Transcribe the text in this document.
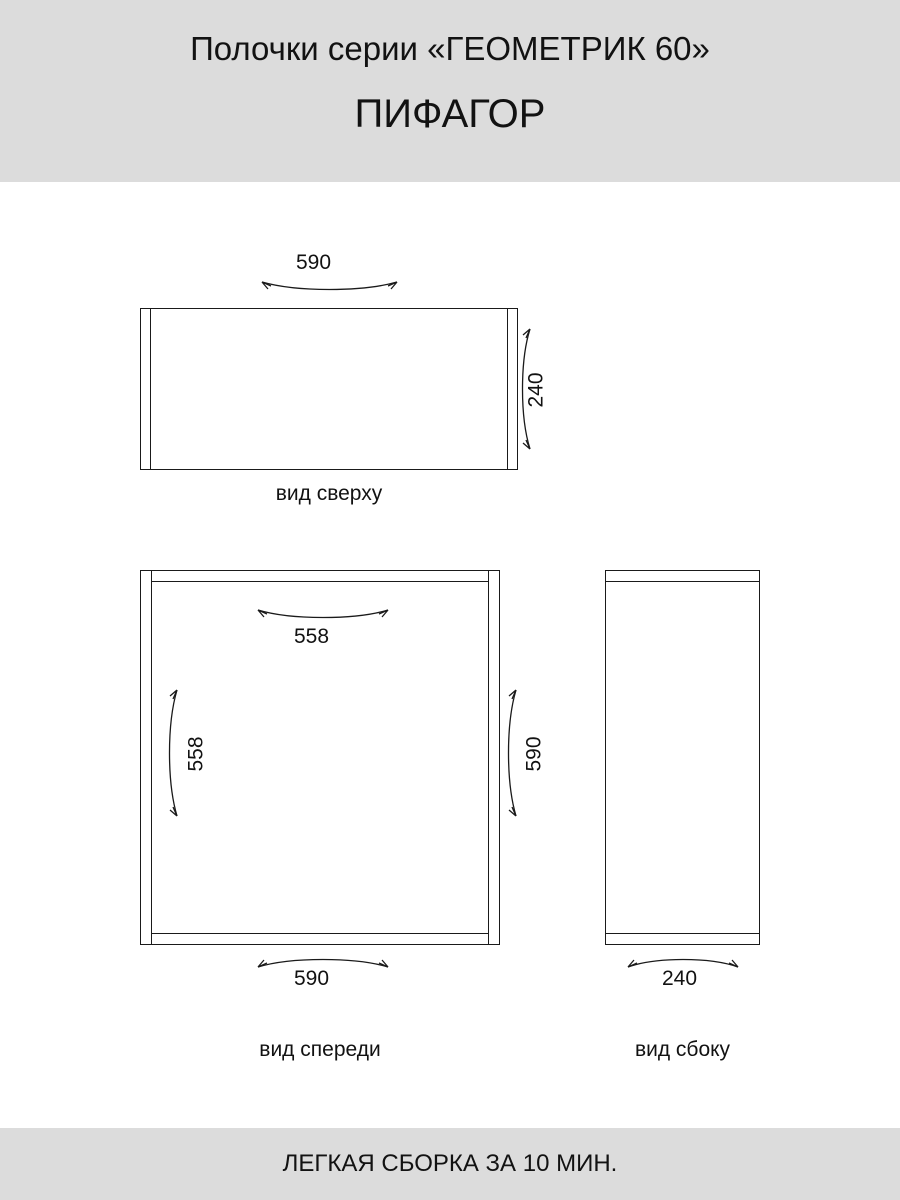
Полочки серии «ГЕОМЕТРИК 60»
ПИФАГОР
590
240
вид сверху
558
558	590
590
вид спереди
240
вид сбоку
ЛЕГКАЯ СБОРКА ЗА 10 МИН.
